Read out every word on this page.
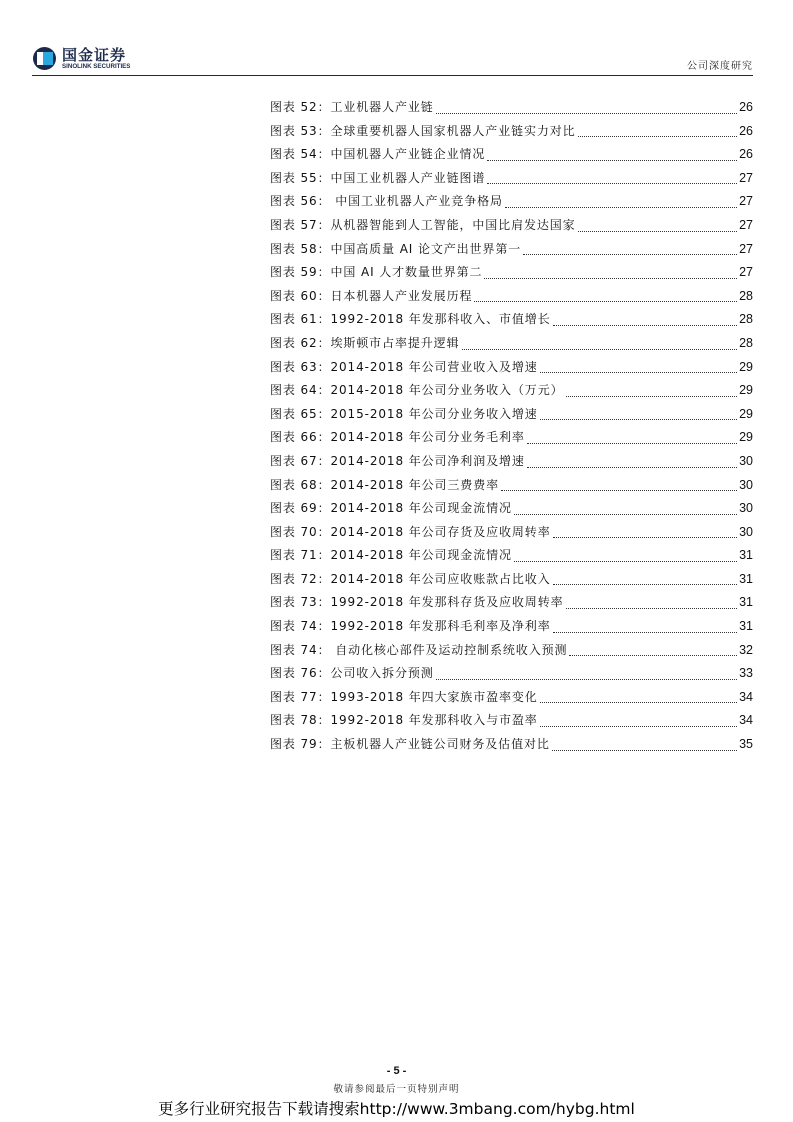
国金证券
SINOLINK SECURITIES	公司深度研究
图表 52：工业机器人产业链	26
图表 53：全球重要机器人国家机器人产业链实力对比	26
图表 54：中国机器人产业链企业情况	26
图表 55：中国工业机器人产业链图谱	27
图表 56： 中国工业机器人产业竞争格局	27
图表 57：从机器智能到人工智能，中国比肩发达国家	27
图表 58：中国高质量 AI 论文产出世界第一	27
图表 59：中国 AI 人才数量世界第二	27
图表 60：日本机器人产业发展历程	28
图表 61：1992-2018 年发那科收入、市值增长	28
图表 62：埃斯顿市占率提升逻辑	28
图表 63：2014-2018 年公司营业收入及增速	29
图表 64：2014-2018 年公司分业务收入（万元）	29
图表 65：2015-2018 年公司分业务收入增速	29
图表 66：2014-2018 年公司分业务毛利率	29
图表 67：2014-2018 年公司净利润及增速	30
图表 68：2014-2018 年公司三费费率	30
图表 69：2014-2018 年公司现金流情况	30
图表 70：2014-2018 年公司存货及应收周转率	30
图表 71：2014-2018 年公司现金流情况	31
图表 72：2014-2018 年公司应收账款占比收入	31
图表 73：1992-2018 年发那科存货及应收周转率	31
图表 74：1992-2018 年发那科毛利率及净利率	31
图表 74： 自动化核心部件及运动控制系统收入预测	32
图表 76：公司收入拆分预测	33
图表 77：1993-2018 年四大家族市盈率变化	34
图表 78：1992-2018 年发那科收入与市盈率	34
图表 79：主板机器人产业链公司财务及估值对比	35
- 5 -
敬请参阅最后一页特别声明
更多行业研究报告下载请搜索http://www.3mbang.com/hybg.html
